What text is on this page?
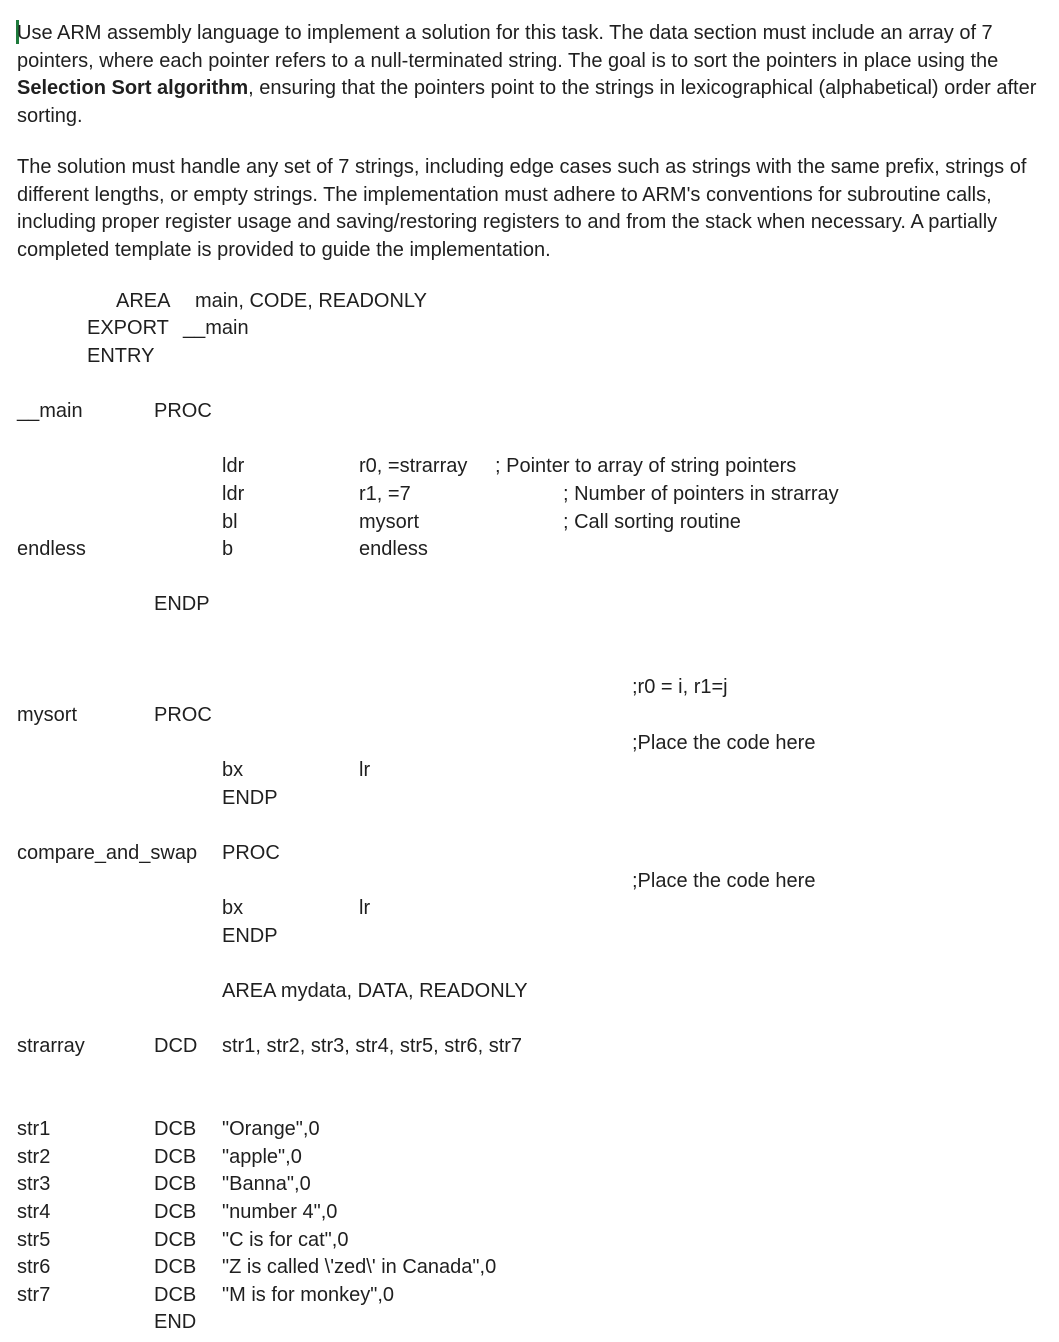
Use ARM assembly language to implement a solution for this task. The data section must include an array of 7 pointers, where each pointer refers to a null-terminated string. The goal is to sort the pointers in place using the Selection Sort algorithm, ensuring that the pointers point to the strings in lexicographical (alphabetical) order after sorting.

The solution must handle any set of 7 strings, including edge cases such as strings with the same prefix, strings of different lengths, or empty strings. The implementation must adhere to ARM's conventions for subroutine calls, including proper register usage and saving/restoring registers to and from the stack when necessary. A partially completed template is provided to guide the implementation.

AREA main, CODE, READONLY
EXPORT __main
ENTRY
__main	PROC
ldr	r0, =strarray ; Pointer to array of string pointers
ldr	r1, =7	; Number of pointers in strarray
bl	mysort	; Call sorting routine
endless	b	endless
ENDP
;r0 = i, r1=j
mysort	PROC
;Place the code here
bx	lr
ENDP
compare_and_swap PROC
;Place the code here
bx	lr
ENDP
AREA mydata, DATA, READONLY
strarray	DCD str1, str2, str3, str4, str5, str6, str7
str1	DCB "Orange",0
str2	DCB "apple",0
str3	DCB "Banna",0
str4	DCB "number 4",0
str5	DCB "C is for cat",0
str6	DCB "Z is called \'zed\' in Canada",0
str7	DCB "M is for monkey",0
END
